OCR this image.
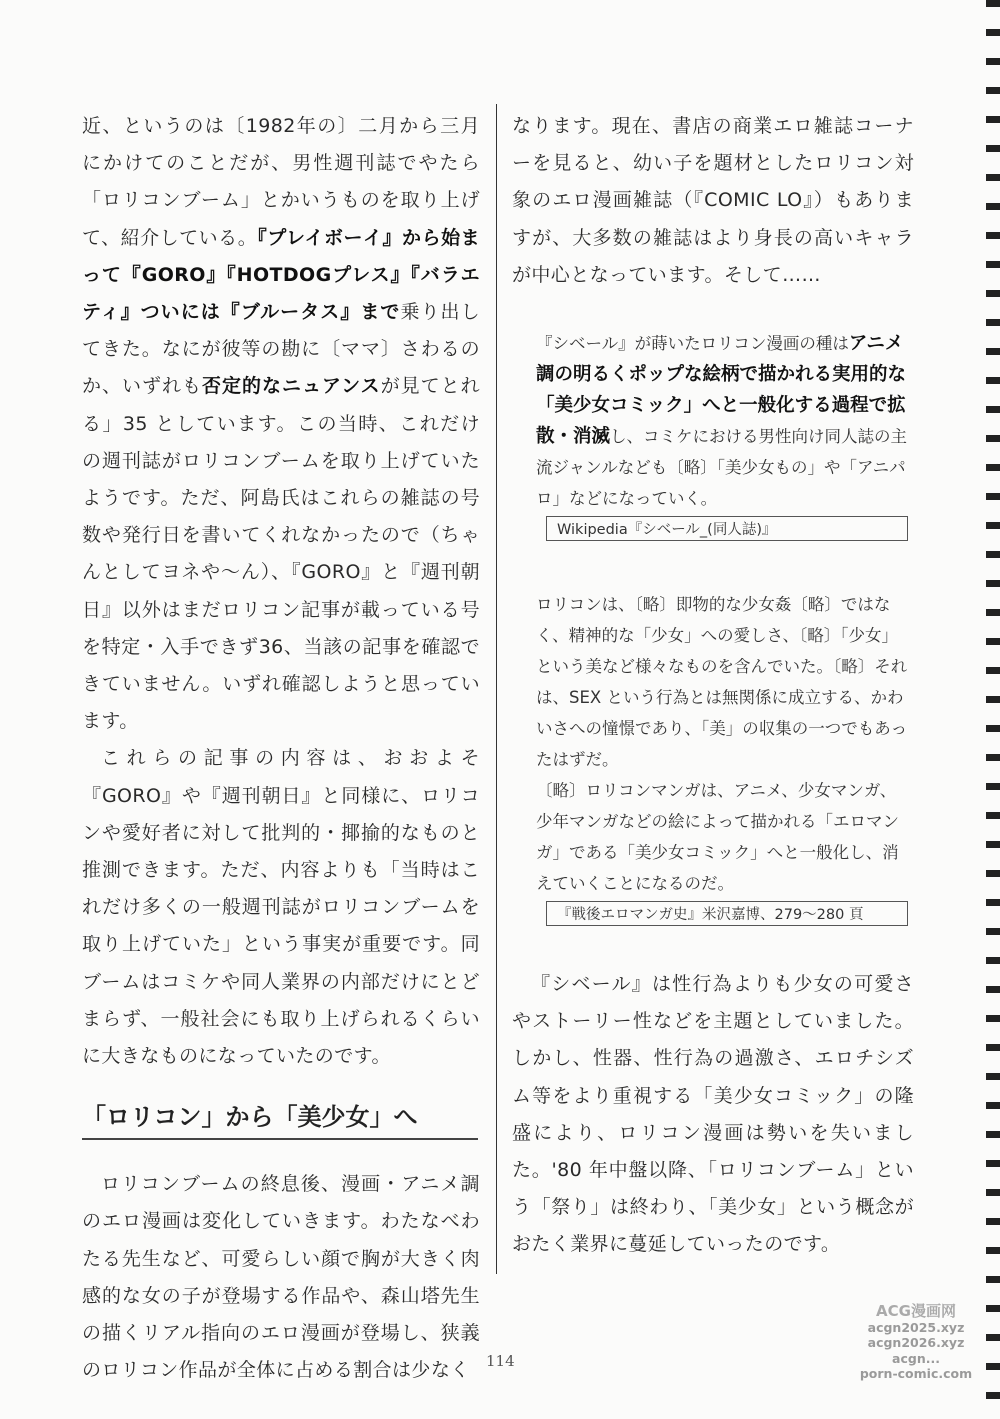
近、というのは〔1982年の〕二月から三月にかけてのことだが、男性週刊誌でやたら「ロリコンブーム」とかいうものを取り上げて、紹介している。『プレイボーイ』から始まって『GORO』『HOTDOGプレス』『バラエティ』ついには『ブルータス』まで乗り出してきた。なにが彼等の勘に〔ママ〕さわるのか、いずれも否定的なニュアンスが見てとれる」35 としています。この当時、これだけの週刊誌がロリコンブームを取り上げていたようです。ただ、阿島氏はこれらの雑誌の号数や発行日を書いてくれなかったので（ちゃんとしてヨネや～ん）、『GORO』と『週刊朝日』以外はまだロリコン記事が載っている号を特定・入手できず36、当該の記事を確認できていません。いずれ確認しようと思っています。

これらの記事の内容は、おおよそ『GORO』や『週刊朝日』と同様に、ロリコンや愛好者に対して批判的・揶揄的なものと推測できます。ただ、内容よりも「当時はこれだけ多くの一般週刊誌がロリコンブームを取り上げていた」という事実が重要です。同ブームはコミケや同人業界の内部だけにとどまらず、一般社会にも取り上げられるくらいに大きなものになっていたのです。

「ロリコン」から「美少女」へ

ロリコンブームの終息後、漫画・アニメ調のエロ漫画は変化していきます。わたなべわたる先生など、可愛らしい顔で胸が大きく肉感的な女の子が登場する作品や、森山塔先生の描くリアル指向のエロ漫画が登場し、狭義のロリコン作品が全体に占める割合は少なく

なります。現在、書店の商業エロ雑誌コーナーを見ると、幼い子を題材としたロリコン対象のエロ漫画雑誌（『COMIC LO』）もありますが、大多数の雑誌はより身長の高いキャラが中心となっています。そして……

『シベール』が蒔いたロリコン漫画の種はアニメ調の明るくポップな絵柄で描かれる実用的な「美少女コミック」へと一般化する過程で拡散・消滅し、コミケにおける男性向け同人誌の主流ジャンルなども〔略〕「美少女もの」や「アニパロ」などになっていく。

Wikipedia『シベール_(同人誌)』

ロリコンは、〔略〕即物的な少女姦〔略〕ではなく、精神的な「少女」への愛しさ、〔略〕「少女」という美など様々なものを含んでいた。〔略〕それは、SEX という行為とは無関係に成立する、かわいさへの憧憬であり、「美」の収集の一つでもあったはずだ。

〔略〕ロリコンマンガは、アニメ、少女マンガ、少年マンガなどの絵によって描かれる「エロマンガ」である「美少女コミック」へと一般化し、消えていくことになるのだ。

『戦後エロマンガ史』米沢嘉博、279～280 頁

『シベール』は性行為よりも少女の可愛さやストーリー性などを主題としていました。しかし、性器、性行為の過激さ、エロチシズム等をより重視する「美少女コミック」の隆盛により、ロリコン漫画は勢いを失いました。'80 年中盤以降、「ロリコンブーム」という「祭り」は終わり、「美少女」という概念がおたく業界に蔓延していったのです。

114
ACG漫画网
acgn2025.xyz
acgn2026.xyz
acgn...
porn-comic.com
